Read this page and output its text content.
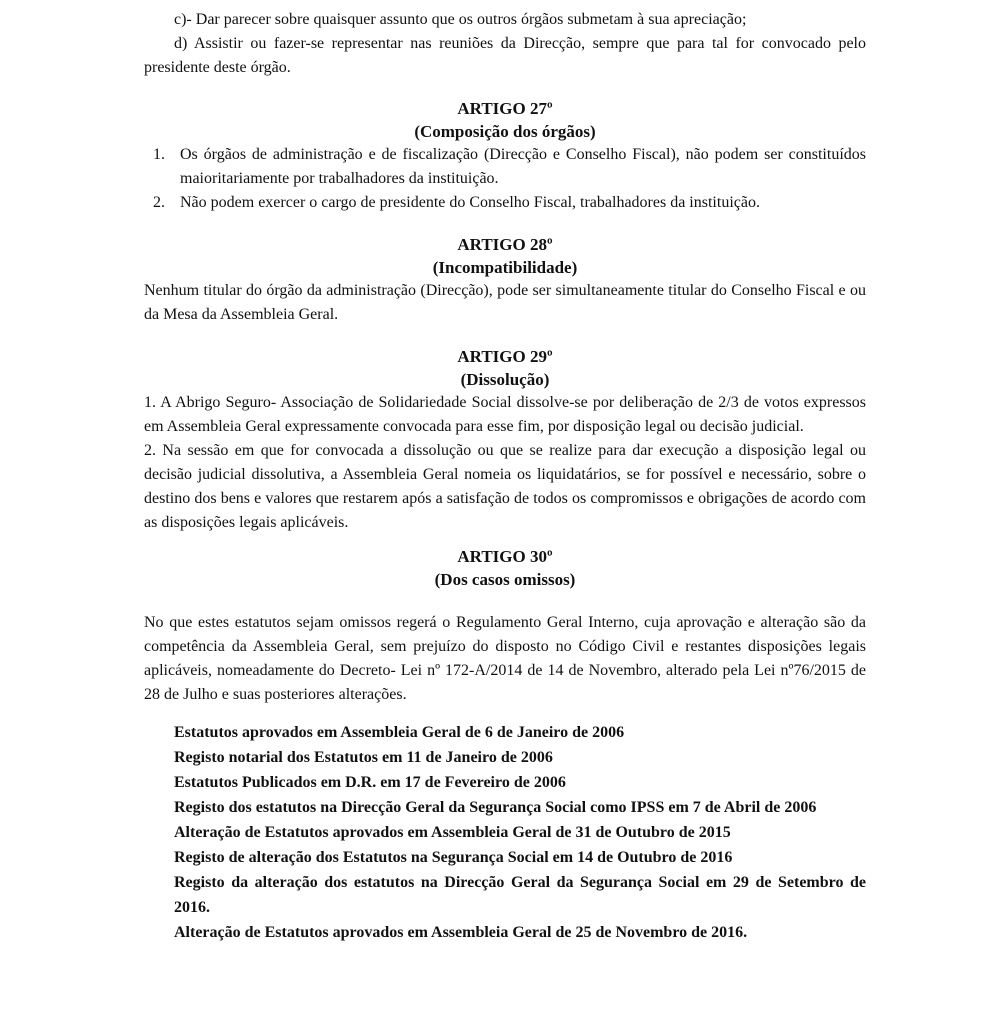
c)- Dar parecer sobre quaisquer assunto que os outros órgãos submetam à sua apreciação;

d) Assistir ou fazer-se representar nas reuniões da Direcção, sempre que para tal for convocado pelo presidente deste órgão.

ARTIGO 27º
(Composição dos órgãos)
1. Os órgãos de administração e de fiscalização (Direcção e Conselho Fiscal), não podem ser constituídos maioritariamente por trabalhadores da instituição.
2. Não podem exercer o cargo de presidente do Conselho Fiscal, trabalhadores da instituição.
ARTIGO 28º
(Incompatibilidade)

Nenhum titular do órgão da administração (Direcção), pode ser simultaneamente titular do Conselho Fiscal e ou da Mesa da Assembleia Geral.

ARTIGO 29º
(Dissolução)

1. A Abrigo Seguro- Associação de Solidariedade Social dissolve-se por deliberação de 2/3 de votos expressos em Assembleia Geral expressamente convocada para esse fim, por disposição legal ou decisão judicial.

2. Na sessão em que for convocada a dissolução ou que se realize para dar execução a disposição legal ou decisão judicial dissolutiva, a Assembleia Geral nomeia os liquidatários, se for possível e necessário, sobre o destino dos bens e valores que restarem após a satisfação de todos os compromissos e obrigações de acordo com as disposições legais aplicáveis.

ARTIGO 30º
(Dos casos omissos)

No que estes estatutos sejam omissos regerá o Regulamento Geral Interno, cuja aprovação e alteração são da competência da Assembleia Geral, sem prejuízo do disposto no Código Civil e restantes disposições legais aplicáveis, nomeadamente do Decreto- Lei nº 172-A/2014 de 14 de Novembro, alterado pela Lei nº76/2015 de 28 de Julho e suas posteriores alterações.

Estatutos aprovados em Assembleia Geral de 6 de Janeiro de 2006

Registo notarial dos Estatutos em 11 de Janeiro de 2006

Estatutos Publicados em D.R. em 17 de Fevereiro de 2006

Registo dos estatutos na Direcção Geral da Segurança Social como IPSS em 7 de Abril de 2006

Alteração de Estatutos aprovados em Assembleia Geral de 31 de Outubro de 2015

Registo de alteração dos Estatutos na Segurança Social em 14 de Outubro de 2016

Registo da alteração dos estatutos na Direcção Geral da Segurança Social em 29 de Setembro de 2016.

Alteração de Estatutos aprovados em Assembleia Geral de 25 de Novembro de 2016.
